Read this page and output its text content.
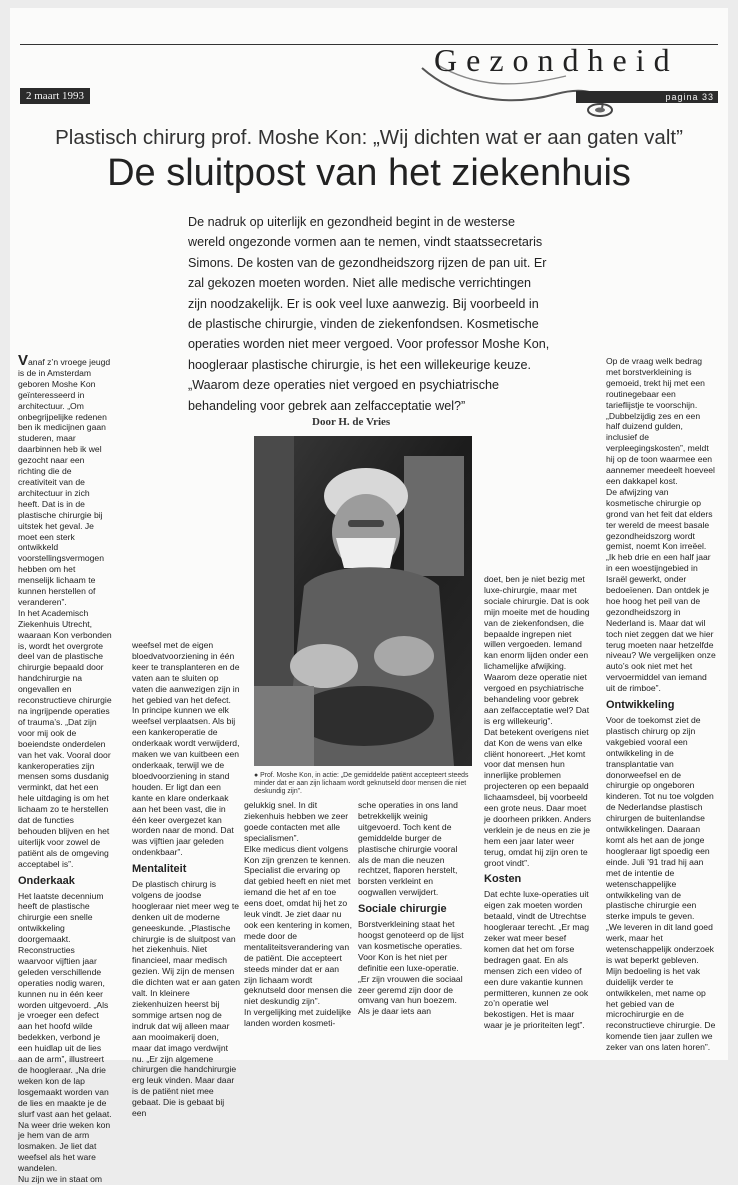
Gezondheid
2 maart 1993	pagina 33
Plastisch chirurg prof. Moshe Kon: „Wij dichten wat er aan gaten valt”
De sluitpost van het ziekenhuis
De nadruk op uiterlijk en gezondheid begint in de westerse wereld ongezonde vormen aan te nemen, vindt staatssecretaris Simons. De kosten van de gezondheidszorg rijzen de pan uit. Er zal gekozen moeten worden. Niet alle medische verrichtingen zijn noodzakelijk. Er is ook veel luxe aanwezig. Bij voorbeeld in de plastische chirurgie, vinden de ziekenfondsen. Kosmetische operaties worden niet meer vergoed. Voor professor Moshe Kon, hoogleraar plastische chirurgie, is het een willekeurige keuze. „Waarom deze operaties niet vergoed en psychiatrische behandeling voor gebrek aan zelfacceptatie wel?”
Door H. de Vries

Vanaf z’n vroege jeugd is de in Amsterdam geboren Moshe Kon geïnteresseerd in architectuur. „Om onbegrijpelijke redenen ben ik medicijnen gaan studeren, maar daarbinnen heb ik wel gezocht naar een richting die de creativiteit van de architectuur in zich heeft. Dat is in de plastische chirurgie bij uitstek het geval. Je moet een sterk ontwikkeld voorstellingsvermogen hebben om het menselijk lichaam te kunnen herstellen of veranderen”.

In het Academisch Ziekenhuis Utrecht, waaraan Kon verbonden is, wordt het overgrote deel van de plastische chirurgie bepaald door handchirurgie na ongevallen en reconstructieve chirurgie na ingrijpende operaties of trauma’s. „Dat zijn voor mij ook de boeiendste onderdelen van het vak. Vooral door kankeroperaties zijn mensen soms dusdanig verminkt, dat het een hele uitdaging is om het lichaam zo te herstellen dat de functies behouden blijven en het uiterlijk voor zowel de patiënt als de omgeving acceptabel is”.

Onderkaak

Het laatste decennium heeft de plastische chirurgie een snelle ontwikkeling doorgemaakt. Reconstructies waarvoor vijftien jaar geleden verschillende operaties nodig waren, kunnen nu in één keer worden uitgevoerd. „Als je vroeger een defect aan het hoofd wilde bedekken, verbond je een huidlap uit de lies aan de arm”, illustreert de hoogleraar. „Na drie weken kon de lap losgemaakt worden van de lies en maakte je de slurf vast aan het gelaat. Na weer drie weken kon je hem van de arm losmaken. Je liet dat weefsel als het ware wandelen.

Nu zijn we in staat om

● Prof. Moshe Kon, in actie: „De gemiddelde patiënt accepteert steeds minder dat er aan zijn lichaam wordt geknutseld door mensen die niet deskundig zijn”.

weefsel met de eigen bloedvatvoorziening in één keer te transplanteren en de vaten aan te sluiten op vaten die aanwezigen zijn in het gebied van het defect. In principe kunnen we elk weefsel verplaatsen. Als bij een kankeroperatie de onderkaak wordt verwijderd, maken we van kuitbeen een onderkaak, terwijl we de bloedvoorziening in stand houden. Er ligt dan een kante en klare onderkaak aan het been vast, die in één keer overgezet kan worden naar de mond. Dat was vijftien jaar geleden ondenkbaar”.

Mentaliteit

De plastisch chirurg is volgens de joodse hoogleraar niet meer weg te denken uit de moderne geneeskunde. „Plastische chirurgie is de sluitpost van het ziekenhuis. Niet financieel, maar medisch gezien. Wij zijn de mensen die dichten wat er aan gaten valt. In kleinere ziekenhuizen heerst bij sommige artsen nog de indruk dat wij alleen maar aan mooimakerij doen, maar dat imago verdwijnt nu. „Er zijn algemene chirurgen die handchirurgie erg leuk vinden. Maar daar is de patiënt niet mee gebaat. Die is gebaat bij een

gelukkig snel. In dit ziekenhuis hebben we zeer goede contacten met alle specialismen”.

Elke medicus dient volgens Kon zijn grenzen te kennen. Specialist die ervaring op dat gebied heeft en niet met iemand die het af en toe eens doet, omdat hij het zo leuk vindt. Je ziet daar nu ook een kentering in komen, mede door de mentaliteitsverandering van de patiënt. Die accepteert steeds minder dat er aan zijn lichaam wordt geknutseld door mensen die niet deskundig zijn”.

In vergelijking met zuidelijke landen worden kosmeti-

sche operaties in ons land betrekkelijk weinig uitgevoerd. Toch kent de gemiddelde burger de plastische chirurgie vooral als de man die neuzen rechtzet, flaporen herstelt, borsten verkleint en oogwallen verwijdert.

Sociale chirurgie

Borstverkleining staat het hoogst genoteerd op de lijst van kosmetische operaties. Voor Kon is het niet per definitie een luxe-operatie. „Er zijn vrouwen die sociaal zeer geremd zijn door de omvang van hun boezem. Als je daar iets aan

doet, ben je niet bezig met luxe-chirurgie, maar met sociale chirurgie. Dat is ook mijn moeite met de houding van de ziekenfondsen, die bepaalde ingrepen niet willen vergoeden. Iemand kan enorm lijden onder een lichamelijke afwijking. Waarom deze operatie niet vergoed en psychiatrische behandeling voor gebrek aan zelfacceptatie wel? Dat is erg willekeurig”.

Dat betekent overigens niet dat Kon de wens van elke cliënt honoreert. „Het komt voor dat mensen hun innerlijke problemen projecteren op een bepaald lichaamsdeel, bij voorbeeld een grote neus. Daar moet je doorheen prikken. Anders verklein je de neus en zie je hem een jaar later weer terug, omdat hij zijn oren te groot vindt”.

Kosten

Dat echte luxe-operaties uit eigen zak moeten worden betaald, vindt de Utrechtse hoogleraar terecht. „Er mag zeker wat meer besef komen dat het om forse bedragen gaat. En als mensen zich een video of een dure vakantie kunnen permitteren, kunnen ze ook zo’n operatie wel bekostigen. Het is maar waar je je prioriteiten legt”.

Op de vraag welk bedrag met borstverkleining is gemoeid, trekt hij met een routinegebaar een tarieflijstje te voorschijn. „Dubbelzijdig zes en een half duizend gulden, inclusief de verpleegingskosten”, meldt hij op de toon waarmee een aannemer meedeelt hoeveel een dakkapel kost.

De afwijzing van kosmetische chirurgie op grond van het feit dat elders ter wereld de meest basale gezondheidszorg wordt gemist, noemt Kon irreëel. „Ik heb drie en een half jaar in een woestijngebied in Israël gewerkt, onder bedoeïenen. Dan ontdek je hoe hoog het peil van de gezondheidszorg in Nederland is. Maar dat wil toch niet zeggen dat we hier terug moeten naar hetzelfde niveau? We vergelijken onze auto’s ook niet met het vervoermiddel van iemand uit de rimboe”.

Ontwikkeling

Voor de toekomst ziet de plastisch chirurg op zijn vakgebied vooral een ontwikkeling in de transplantatie van donorweefsel en de chirurgie op ongeboren kinderen. Tot nu toe volgden de Nederlandse plastisch chirurgen de buitenlandse ontwikkelingen. Daaraan komt als het aan de jonge hoogleraar ligt spoedig een einde. Juli ’91 trad hij aan met de intentie de wetenschappelijke ontwikkeling van de plastische chirurgie een sterke impuls te geven.

„We leveren in dit land goed werk, maar het wetenschappelijk onderzoek is wat beperkt gebleven. Mijn bedoeling is het vak duidelijk verder te ontwikkelen, met name op het gebied van de microchirurgie en de reconstructieve chirurgie. De komende tien jaar zullen we zeker van ons laten horen”.
